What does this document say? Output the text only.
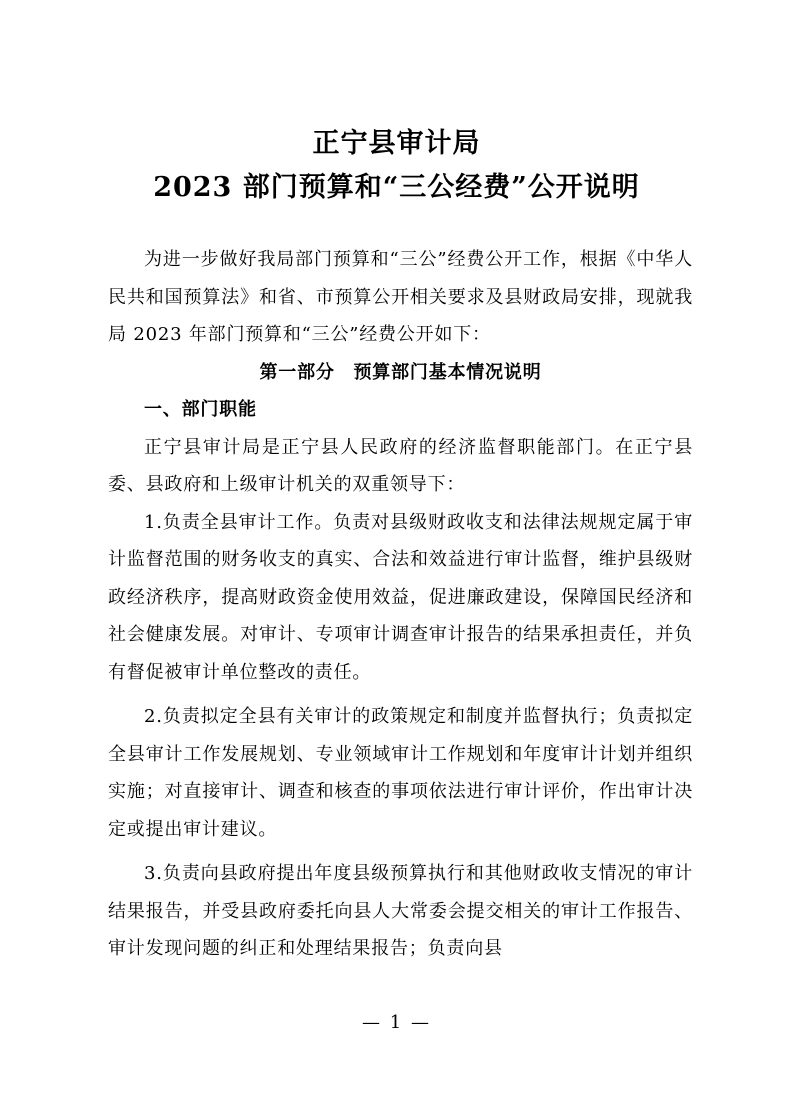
正宁县审计局
2023 部门预算和“三公经费”公开说明

为进一步做好我局部门预算和“三公”经费公开工作，根据《中华人民共和国预算法》和省、市预算公开相关要求及县财政局安排，现就我局 2023 年部门预算和“三公”经费公开如下：

第一部分　预算部门基本情况说明

一、部门职能

正宁县审计局是正宁县人民政府的经济监督职能部门。在正宁县委、县政府和上级审计机关的双重领导下：

1.负责全县审计工作。负责对县级财政收支和法律法规规定属于审计监督范围的财务收支的真实、合法和效益进行审计监督，维护县级财政经济秩序，提高财政资金使用效益，促进廉政建设，保障国民经济和社会健康发展。对审计、专项审计调查审计报告的结果承担责任，并负有督促被审计单位整改的责任。

2.负责拟定全县有关审计的政策规定和制度并监督执行；负责拟定全县审计工作发展规划、专业领域审计工作规划和年度审计计划并组织实施；对直接审计、调查和核查的事项依法进行审计评价，作出审计决定或提出审计建议。

3.负责向县政府提出年度县级预算执行和其他财政收支情况的审计结果报告，并受县政府委托向县人大常委会提交相关的审计工作报告、审计发现问题的纠正和处理结果报告；负责向县

— 1 —
